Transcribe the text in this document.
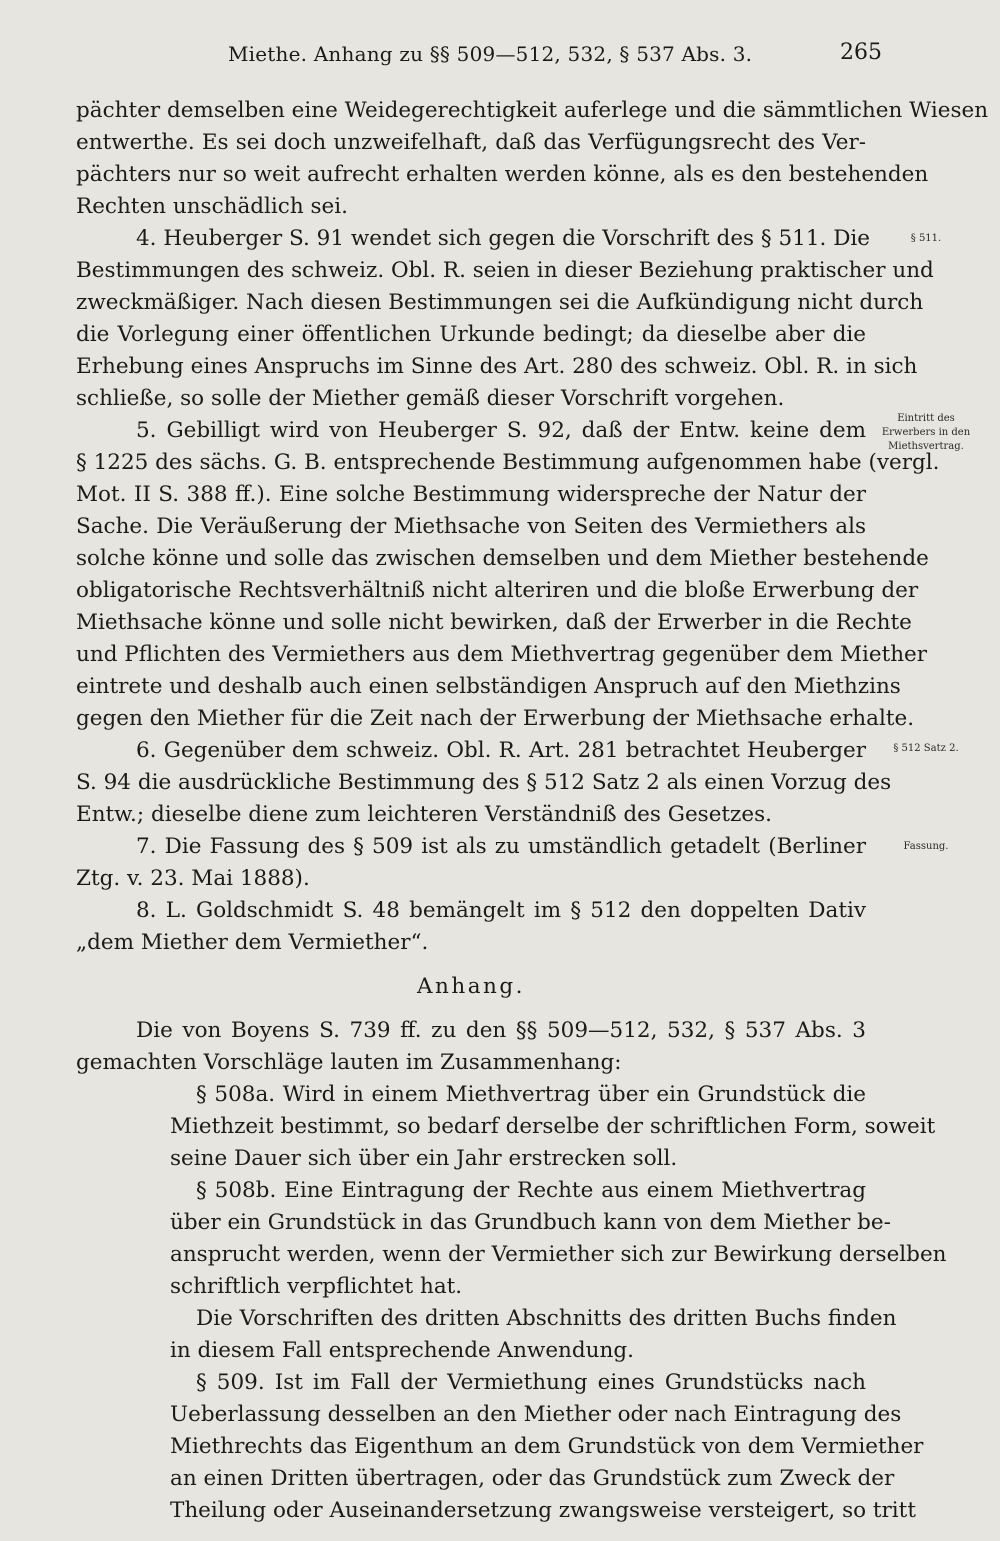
Miethe. Anhang zu §§ 509—512, 532, § 537 Abs. 3.	265
pächter demselben eine Weidegerechtigkeit auferlege und die sämmtlichen Wiesen
entwerthe. Es sei doch unzweifelhaft, daß das Verfügungsrecht des Ver-
pächters nur so weit aufrecht erhalten werden könne, als es den bestehenden
Rechten unschädlich sei.
4. Heuberger S. 91 wendet sich gegen die Vorschrift des § 511. Die
Bestimmungen des schweiz. Obl. R. seien in dieser Beziehung praktischer und
zweckmäßiger. Nach diesen Bestimmungen sei die Aufkündigung nicht durch
die Vorlegung einer öffentlichen Urkunde bedingt; da dieselbe aber die
Erhebung eines Anspruchs im Sinne des Art. 280 des schweiz. Obl. R. in sich
schließe, so solle der Miether gemäß dieser Vorschrift vorgehen.
5. Gebilligt wird von Heuberger S. 92, daß der Entw. keine dem
§ 1225 des sächs. G. B. entsprechende Bestimmung aufgenommen habe (vergl.
Mot. II S. 388 ff.). Eine solche Bestimmung widerspreche der Natur der
Sache. Die Veräußerung der Miethsache von Seiten des Vermiethers als
solche könne und solle das zwischen demselben und dem Miether bestehende
obligatorische Rechtsverhältniß nicht alteriren und die bloße Erwerbung der
Miethsache könne und solle nicht bewirken, daß der Erwerber in die Rechte
und Pflichten des Vermiethers aus dem Miethvertrag gegenüber dem Miether
eintrete und deshalb auch einen selbständigen Anspruch auf den Miethzins
gegen den Miether für die Zeit nach der Erwerbung der Miethsache erhalte.
6. Gegenüber dem schweiz. Obl. R. Art. 281 betrachtet Heuberger
S. 94 die ausdrückliche Bestimmung des § 512 Satz 2 als einen Vorzug des
Entw.; dieselbe diene zum leichteren Verständniß des Gesetzes.
7. Die Fassung des § 509 ist als zu umständlich getadelt (Berliner
Ztg. v. 23. Mai 1888).
8. L. Goldschmidt S. 48 bemängelt im § 512 den doppelten Dativ
„dem Miether dem Vermiether“.
Anhang.
Die von Boyens S. 739 ff. zu den §§ 509—512, 532, § 537 Abs. 3
gemachten Vorschläge lauten im Zusammenhang:
§ 508a. Wird in einem Miethvertrag über ein Grundstück die
Miethzeit bestimmt, so bedarf derselbe der schriftlichen Form, soweit
seine Dauer sich über ein Jahr erstrecken soll.
§ 508b. Eine Eintragung der Rechte aus einem Miethvertrag
über ein Grundstück in das Grundbuch kann von dem Miether be-
ansprucht werden, wenn der Vermiether sich zur Bewirkung derselben
schriftlich verpflichtet hat.
Die Vorschriften des dritten Abschnitts des dritten Buchs finden
in diesem Fall entsprechende Anwendung.
§ 509. Ist im Fall der Vermiethung eines Grundstücks nach
Ueberlassung desselben an den Miether oder nach Eintragung des
Miethrechts das Eigenthum an dem Grundstück von dem Vermiether
an einen Dritten übertragen, oder das Grundstück zum Zweck der
Theilung oder Auseinandersetzung zwangsweise versteigert, so tritt
§ 511.
Eintritt des Erwerbers in den Miethsvertrag.
§ 512 Satz 2.
Fassung.
